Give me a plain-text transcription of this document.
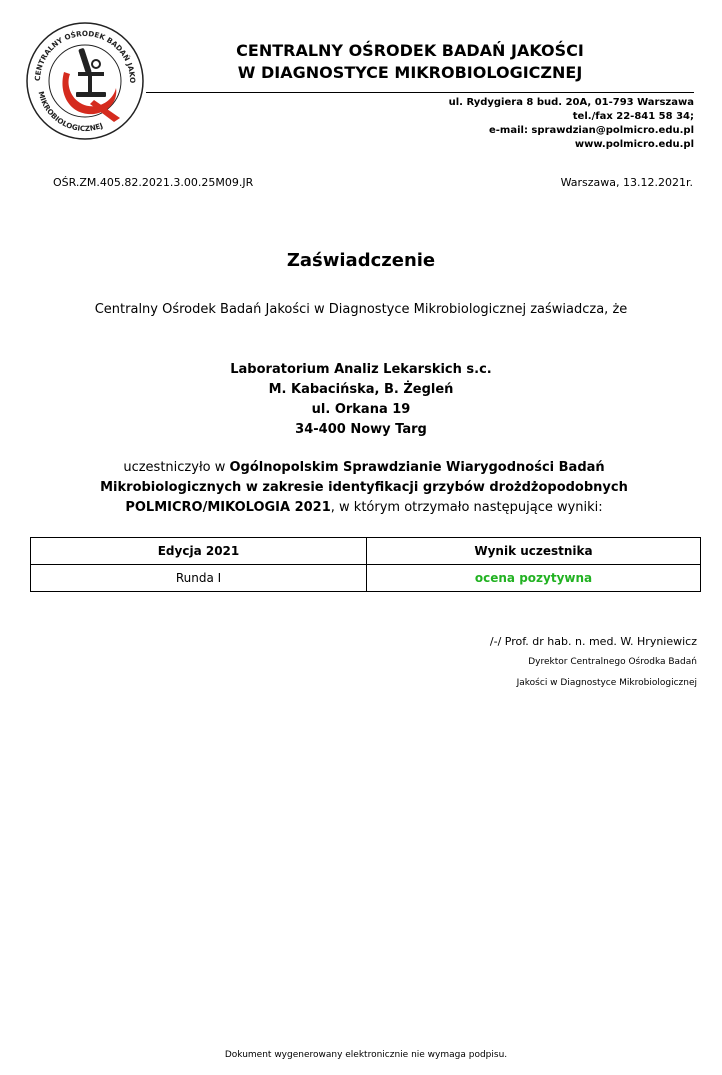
CENTRALNY OŚRODEK BADAŃ JAKO
MIKROBIOLOGICZNEJ
CENTRALNY OŚRODEK BADAŃ JAKOŚCI
W DIAGNOSTYCE MIKROBIOLOGICZNEJ
ul. Rydygiera 8 bud. 20A, 01-793 Warszawa
tel./fax 22-841 58 34;
e-mail: sprawdzian@polmicro.edu.pl
www.polmicro.edu.pl
OŚR.ZM.405.82.2021.3.00.25M09.JR	Warszawa, 13.12.2021r.
Zaświadczenie
Centralny Ośrodek Badań Jakości w Diagnostyce Mikrobiologicznej zaświadcza, że
Laboratorium Analiz Lekarskich s.c.
M. Kabacińska, B. Żegleń
ul. Orkana 19
34-400 Nowy Targ
uczestniczyło w Ogólnopolskim Sprawdzianie Wiarygodności Badań Mikrobiologicznych w zakresie identyfikacji grzybów drożdżopodobnych POLMICRO/MIKOLOGIA 2021, w którym otrzymało następujące wyniki:
Edycja 2021	Wynik uczestnika
Runda I	ocena pozytywna
/-/ Prof. dr hab. n. med. W. Hryniewicz
Dyrektor Centralnego Ośrodka Badań
Jakości w Diagnostyce Mikrobiologicznej
Dokument wygenerowany elektronicznie nie wymaga podpisu.
